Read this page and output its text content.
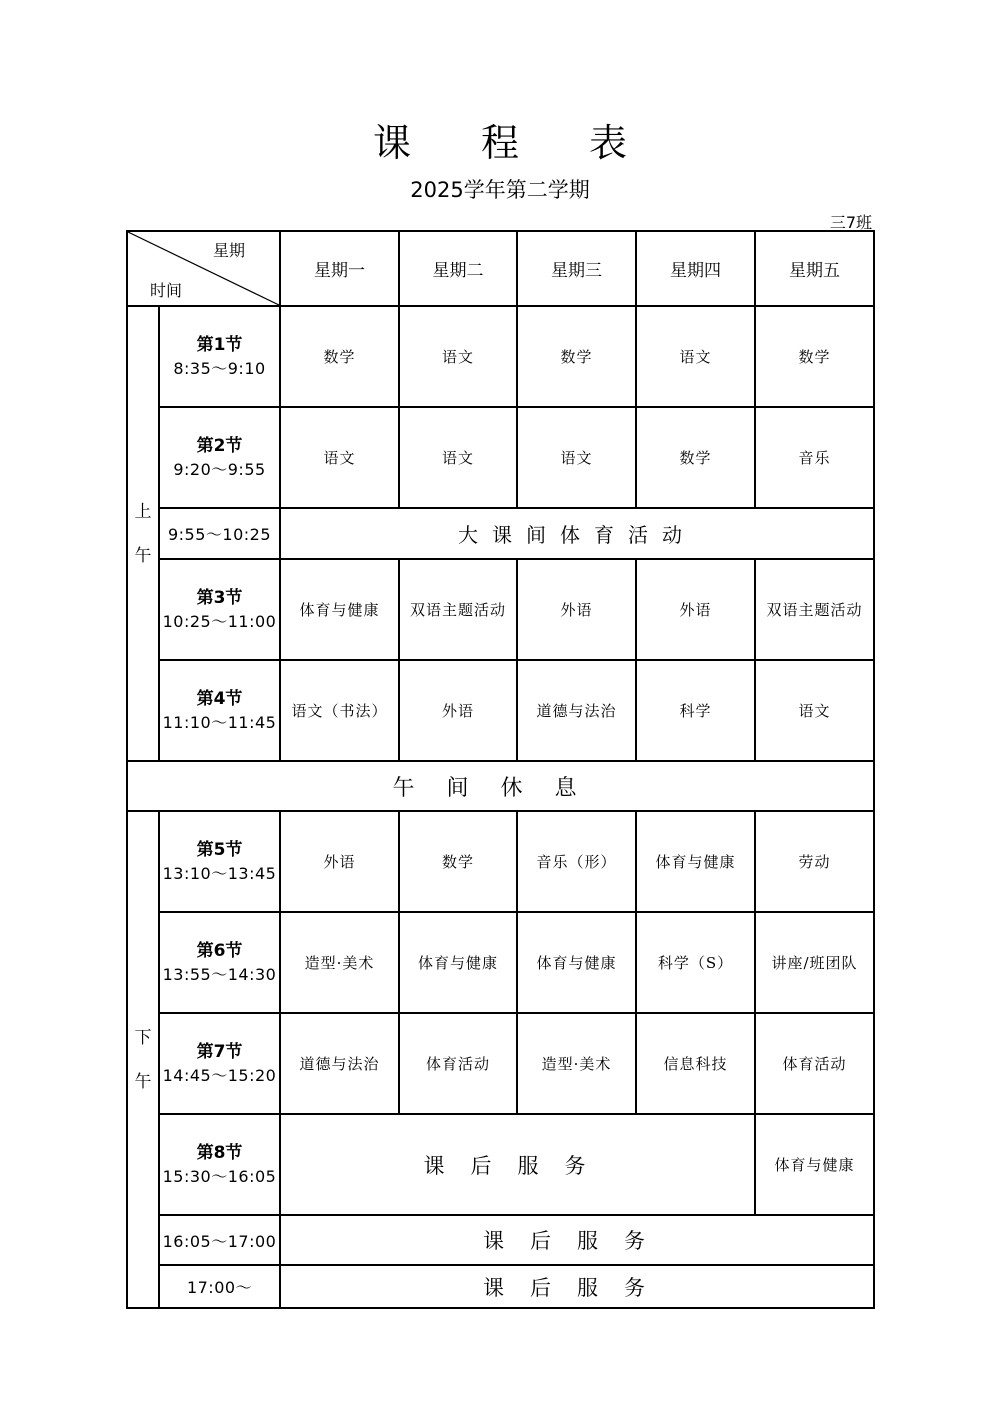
课 程 表
2025学年第二学期
三7班
星期
时间		星期一	星期二	星期三	星期四	星期五

上
午	第1节
8:35～9:10	数学	语文	数学	语文	数学

	第2节
9:20～9:55	语文	语文	语文	数学	音乐
	9:55～10:25	大课间体育活动				

	第3节
10:25～11:00	体育与健康	双语主题活动	外语	外语	双语主题活动

	第4节
11:10～11:45	语文（书法）	外语	道德与法治	科学	语文
午间休息						

下
午	第5节
13:10～13:45	外语	数学	音乐（形）	体育与健康	劳动

	第6节
13:55～14:30	造型·美术	体育与健康	体育与健康	科学（S）	讲座/班团队

	第7节
14:45～15:20	道德与法治	体育活动	造型·美术	信息科技	体育活动

	第8节
15:30～16:05	课后服务				体育与健康
	16:05～17:00	课后服务				
	17:00～	课后服务				
